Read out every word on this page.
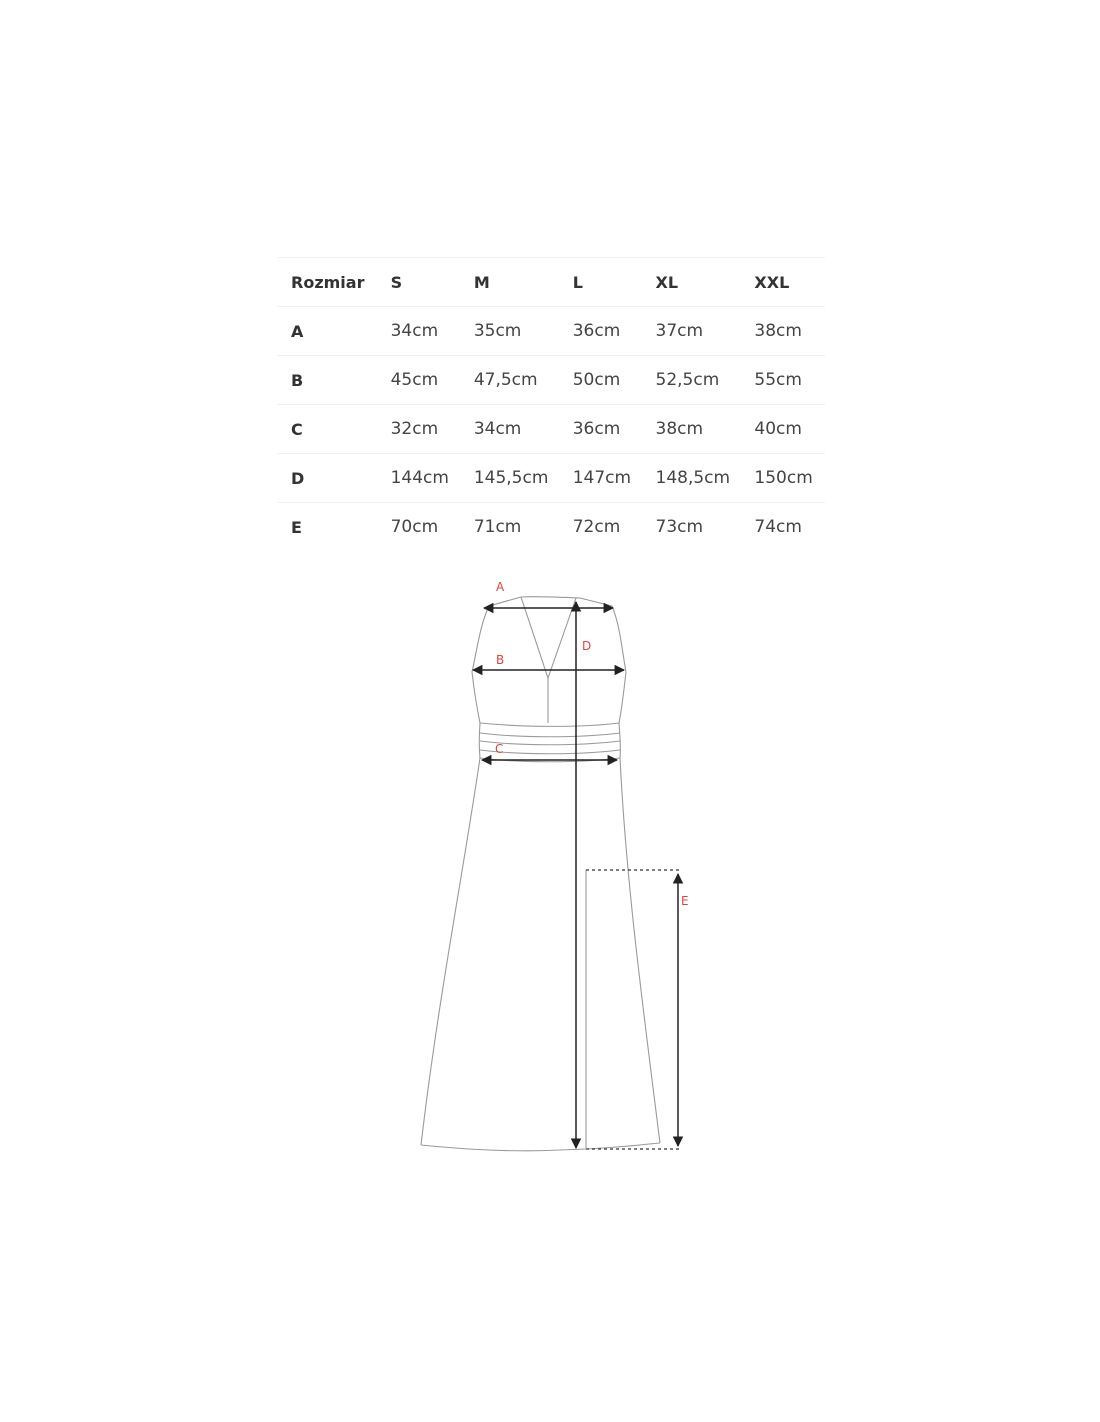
Rozmiar	S	M	L	XL	XXL
A	34cm	35cm	36cm	37cm	38cm
B	45cm	47,5cm	50cm	52,5cm	55cm
C	32cm	34cm	36cm	38cm	40cm
D	144cm	145,5cm	147cm	148,5cm	150cm
E	70cm	71cm	72cm	73cm	74cm
A
B
C
D
E
